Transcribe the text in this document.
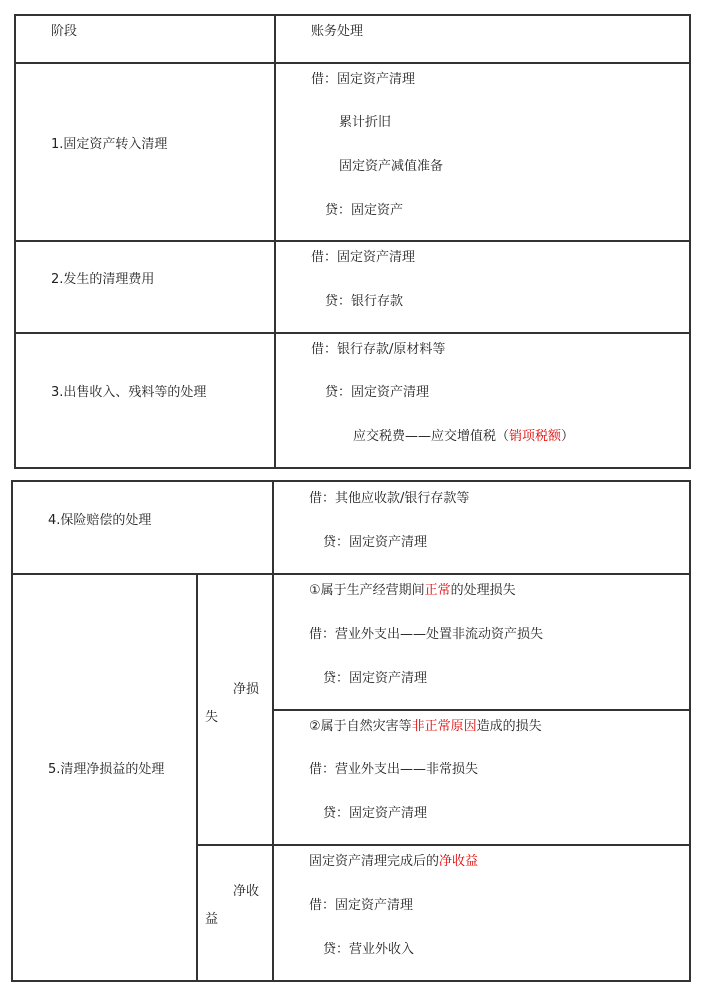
阶段	账务处理
1.固定资产转入清理
借：固定资产清理
累计折旧
固定资产减值准备
贷：固定资产
2.发生的清理费用
借：固定资产清理
贷：银行存款
3.出售收入、残料等的处理
借：银行存款/原材料等
贷：固定资产清理
应交税费——应交增值税（销项税额）
4.保险赔偿的处理
借：其他应收款/银行存款等
贷：固定资产清理
5.清理净损益的处理
净损
失
①属于生产经营期间正常的处理损失
借：营业外支出——处置非流动资产损失
贷：固定资产清理
②属于自然灾害等非正常原因造成的损失
借：营业外支出——非常损失
贷：固定资产清理
净收
益
固定资产清理完成后的净收益
借：固定资产清理
贷：营业外收入
